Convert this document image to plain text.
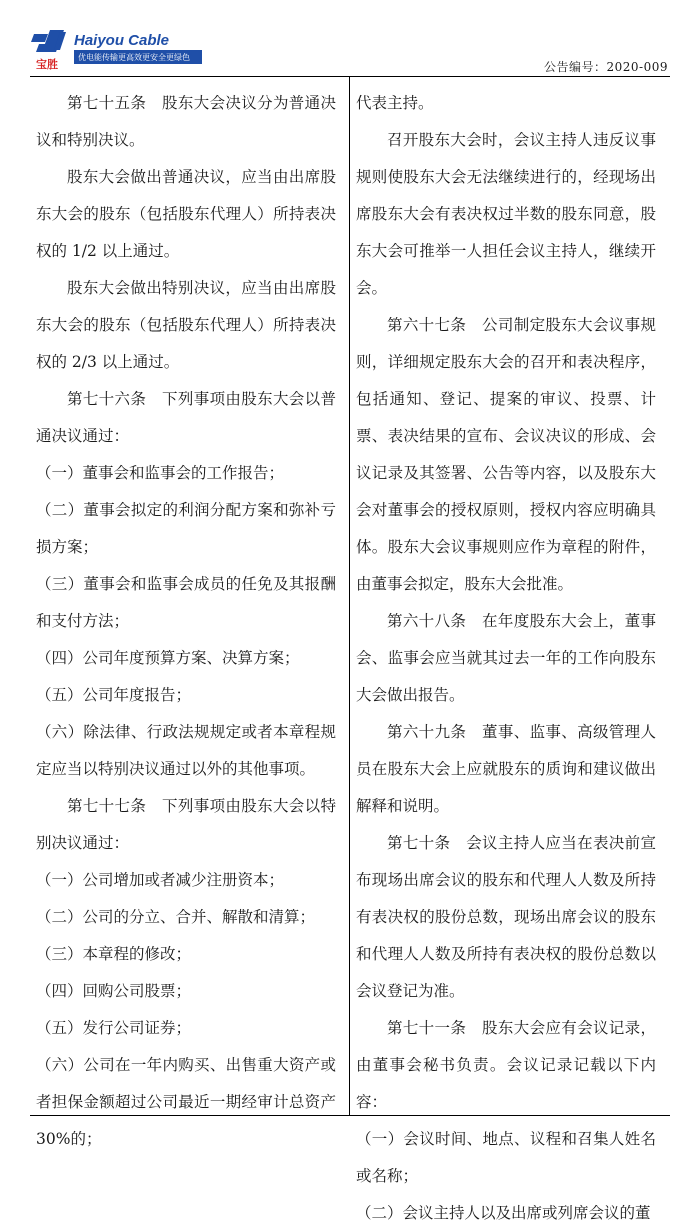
宝胜
Haiyou Cable
优电能传输更高效更安全更绿色
公告编号：2020-009

第七十五条　股东大会决议分为普通决议和特别决议。

股东大会做出普通决议，应当由出席股东大会的股东（包括股东代理人）所持表决权的 1/2 以上通过。

股东大会做出特别决议，应当由出席股东大会的股东（包括股东代理人）所持表决权的 2/3 以上通过。

第七十六条　下列事项由股东大会以普通决议通过：

（一）董事会和监事会的工作报告；

（二）董事会拟定的利润分配方案和弥补亏损方案；

（三）董事会和监事会成员的任免及其报酬和支付方法；

（四）公司年度预算方案、决算方案；

（五）公司年度报告；

（六）除法律、行政法规规定或者本章程规定应当以特别决议通过以外的其他事项。

第七十七条　下列事项由股东大会以特别决议通过：

（一）公司增加或者减少注册资本；

（二）公司的分立、合并、解散和清算；

（三）本章程的修改；

（四）回购公司股票；

（五）发行公司证券；

（六）公司在一年内购买、出售重大资产或者担保金额超过公司最近一期经审计总资产30%的；

代表主持。

召开股东大会时，会议主持人违反议事规则使股东大会无法继续进行的，经现场出席股东大会有表决权过半数的股东同意，股东大会可推举一人担任会议主持人，继续开会。

第六十七条　公司制定股东大会议事规则，详细规定股东大会的召开和表决程序，包括通知、登记、提案的审议、投票、计票、表决结果的宣布、会议决议的形成、会议记录及其签署、公告等内容，以及股东大会对董事会的授权原则，授权内容应明确具体。股东大会议事规则应作为章程的附件，由董事会拟定，股东大会批准。

第六十八条　在年度股东大会上，董事会、监事会应当就其过去一年的工作向股东大会做出报告。

第六十九条　董事、监事、高级管理人员在股东大会上应就股东的质询和建议做出解释和说明。

第七十条　会议主持人应当在表决前宣布现场出席会议的股东和代理人人数及所持有表决权的股份总数，现场出席会议的股东和代理人人数及所持有表决权的股份总数以会议登记为准。

第七十一条　股东大会应有会议记录，由董事会秘书负责。会议记录记载以下内容：

（一）会议时间、地点、议程和召集人姓名或名称；

（二）会议主持人以及出席或列席会议的董
